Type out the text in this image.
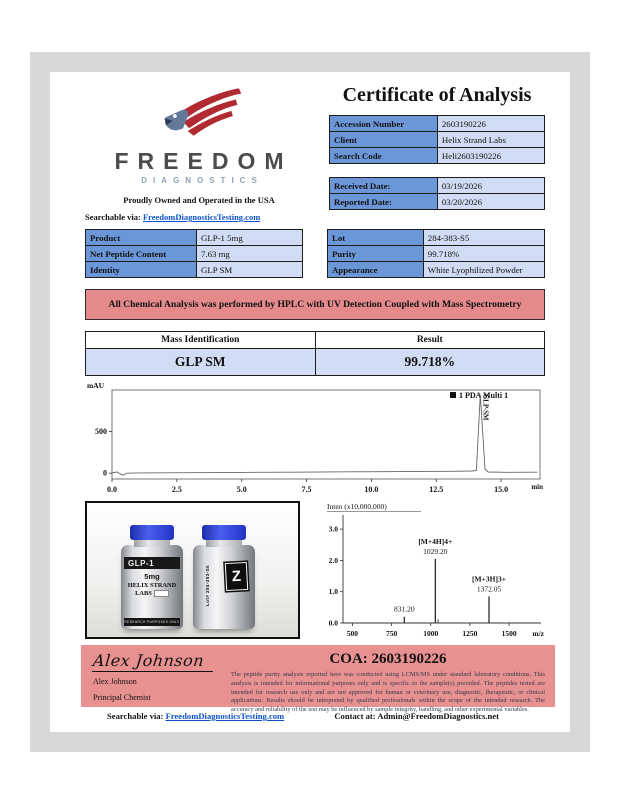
FREEDOM
DIAGNOSTICS
Proudly Owned and Operated in the USA
Searchable via: FreedomDiagnosticsTesting.com
Certificate of Analysis
Accession Number	2603190226
Client	Helix Strand Labs
Search Code	Heli2603190226
Received Date:	03/19/2026
Reported Date:	03/20/2026
Product	GLP-1 5mg
Net Peptide Content	7.63 mg
Identity	GLP SM
Lot	284-383-S5
Purity	99.718%
Appearance	White Lyophilized Powder
All Chemical Analysis was performed by HPLC with UV Detection Coupled with Mass Spectrometry
Mass Identification	Result
GLP SM	99.718%
0.0	2.5	5.0	7.5	10.0	12.5	15.0
0
500
mAU
min
1 PDA Multi 1
GLP-SM
GLP-1
5mg
HELIX STRAND
LABS
RESEARCH PURPOSES ONLY
Lot# 284-383-S5	Z
Inten (x10,000,000)
500	750	1000	1250	1500 m/z
0.0
1.0
2.0
3.0
831.20
[M+4H]4+
1029.20
[M+3H]3+
1372.05
Alex Johnson
Alex Johnson
Principal Chemist
COA: 2603190226
The peptide purity analysis reported here was conducted using LCMS/MS under standard laboratory conditions. This analysis is intended for informational purposes only and is specific to the sample(s) provided. The peptides tested are intended for research use only and are not approved for human or veterinary use, diagnostic, therapeutic, or clinical applications. Results should be interpreted by qualified professionals within the scope of the intended research. The accuracy and reliability of the test may be influenced by sample integrity, handling, and other experimental variables.
Searchable via: FreedomDiagnosticsTesting.com	Contact at: Admin@FreedomDiagnostics.net
